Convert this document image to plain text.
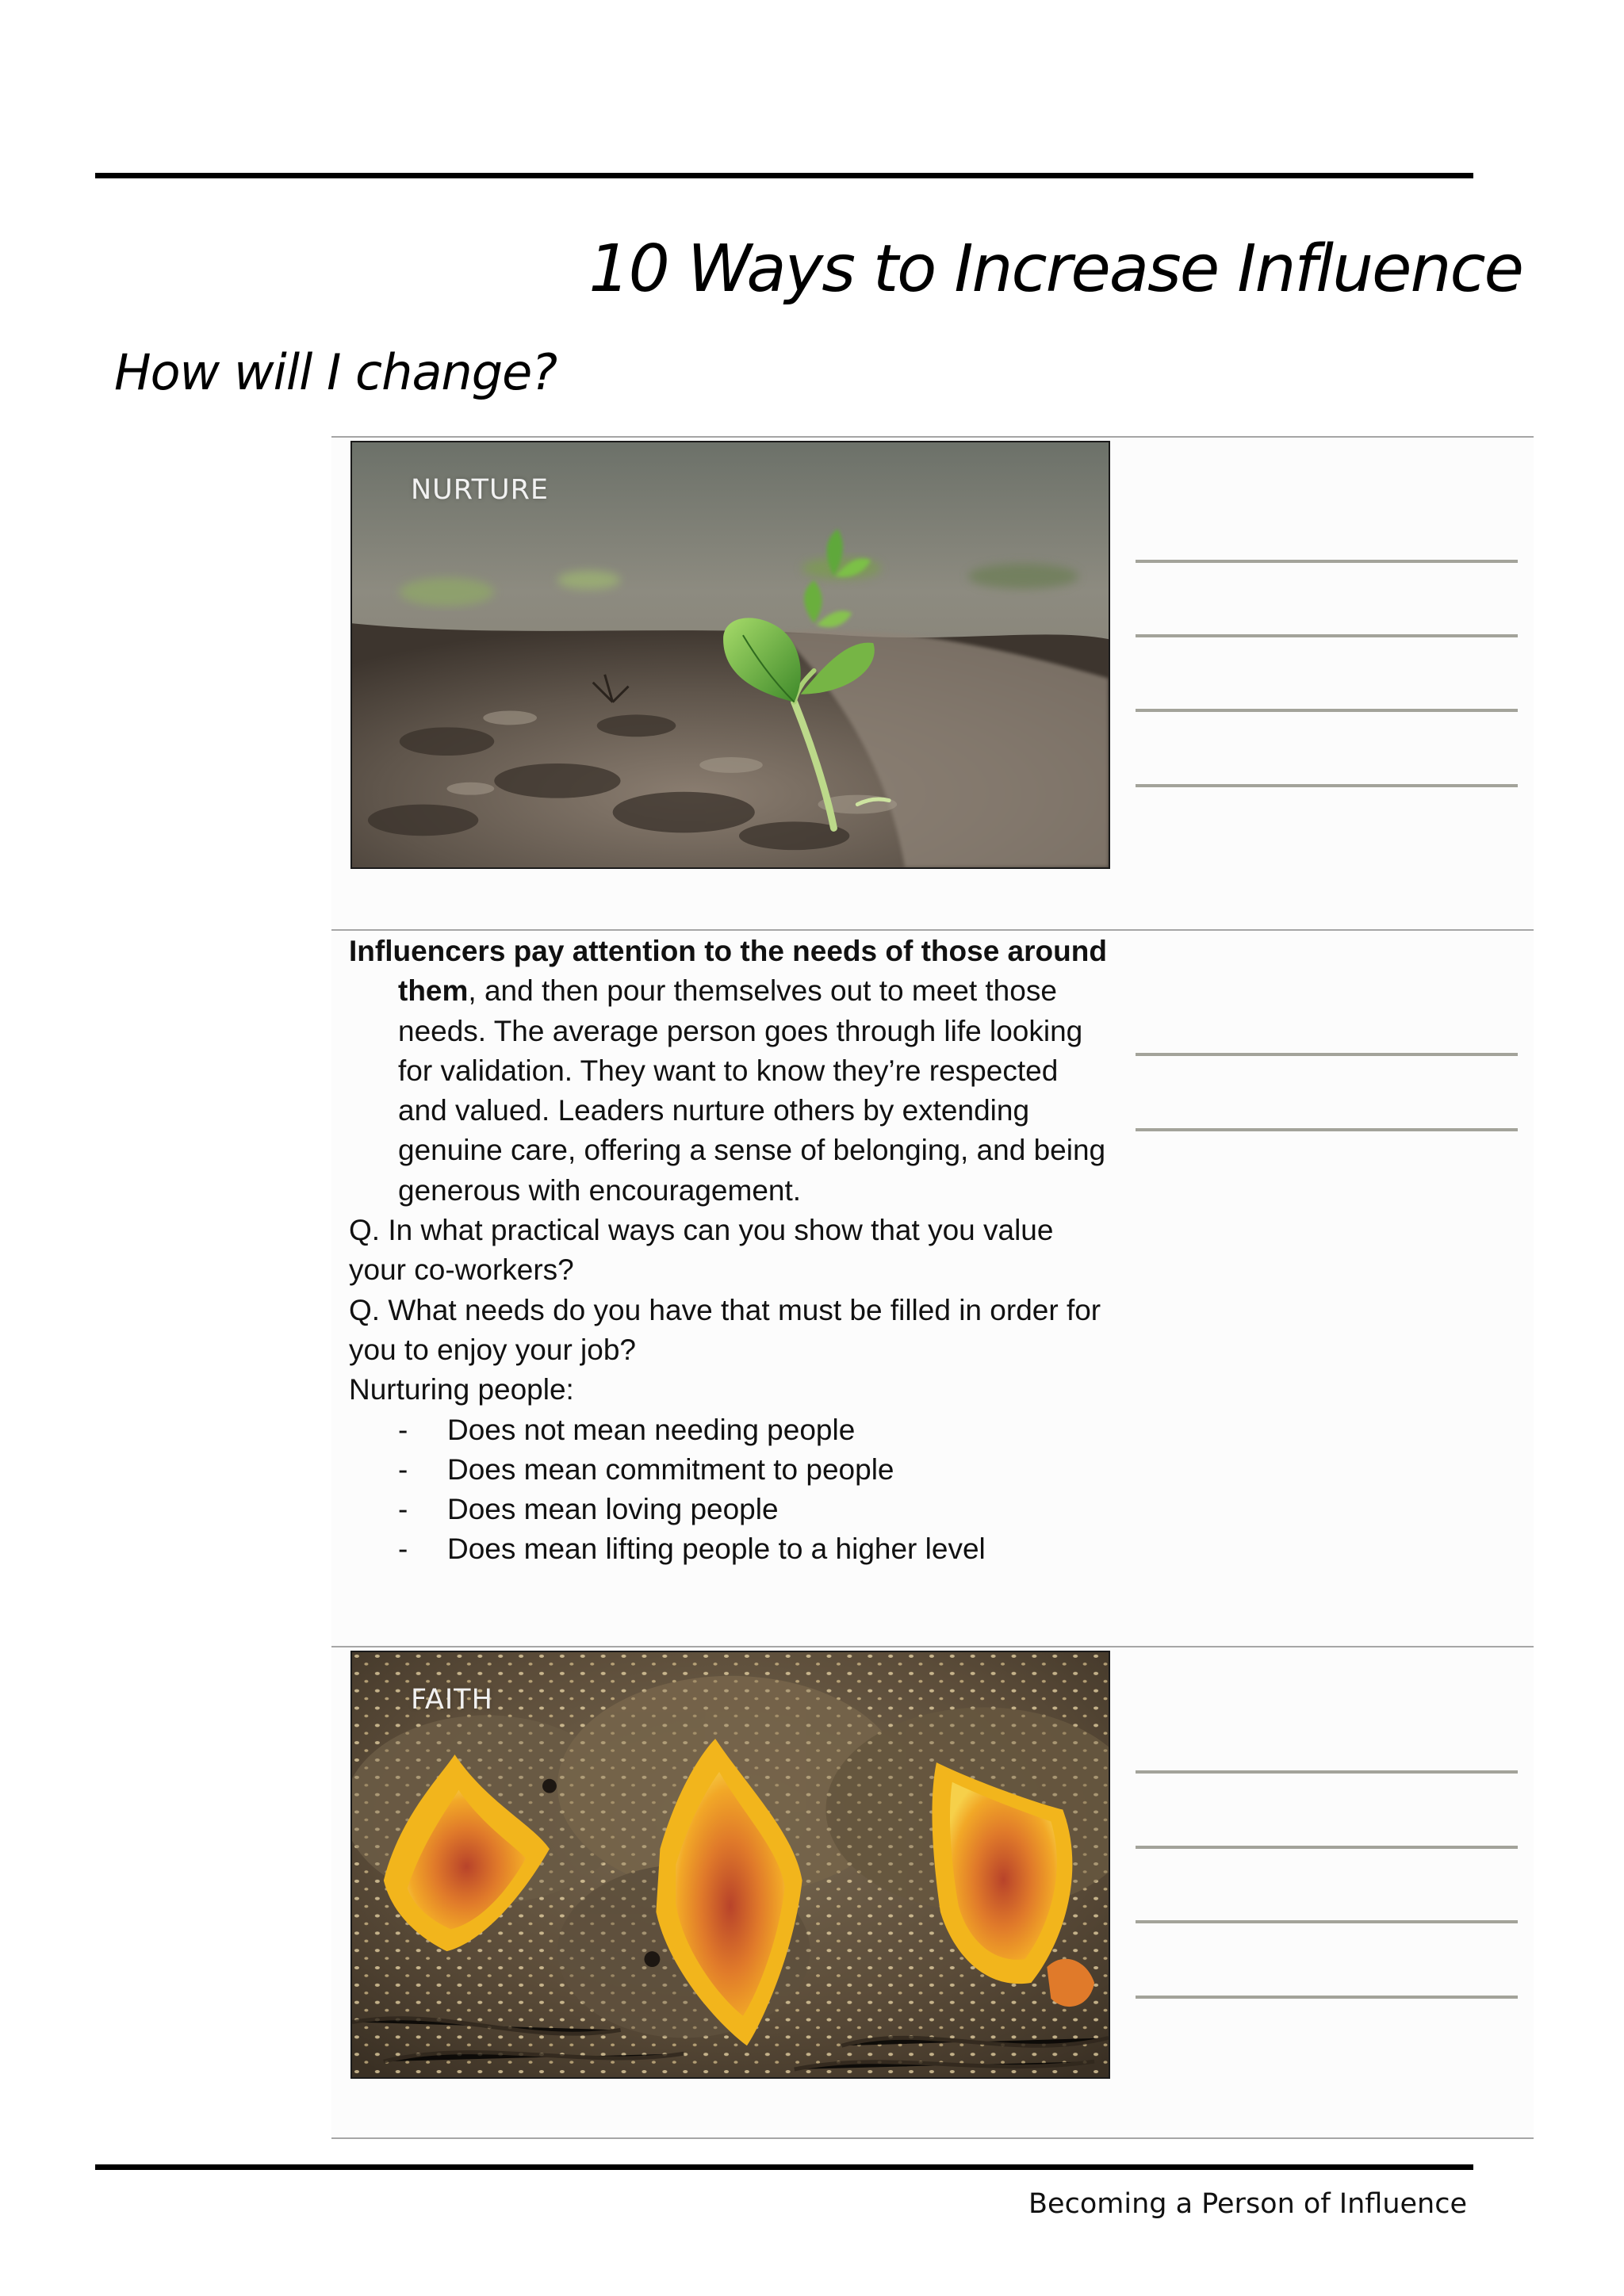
10 Ways to Increase Influence
How will I change?
NURTURE

Influencers pay attention to the needs of those around them, and then pour themselves out to meet those needs. The average person goes through life looking for validation. They want to know they’re respected and valued. Leaders nurture others by extending genuine care, offering a sense of belonging, and being generous with encouragement.

Q. In what practical ways can you show that you value your co-workers?

Q. What needs do you have that must be filled in order for you to enjoy your job?

Nurturing people:

- Does not mean needing people
- Does mean commitment to people
- Does mean loving people
- Does mean lifting people to a higher level
FAITH
Becoming a Person of Influence
